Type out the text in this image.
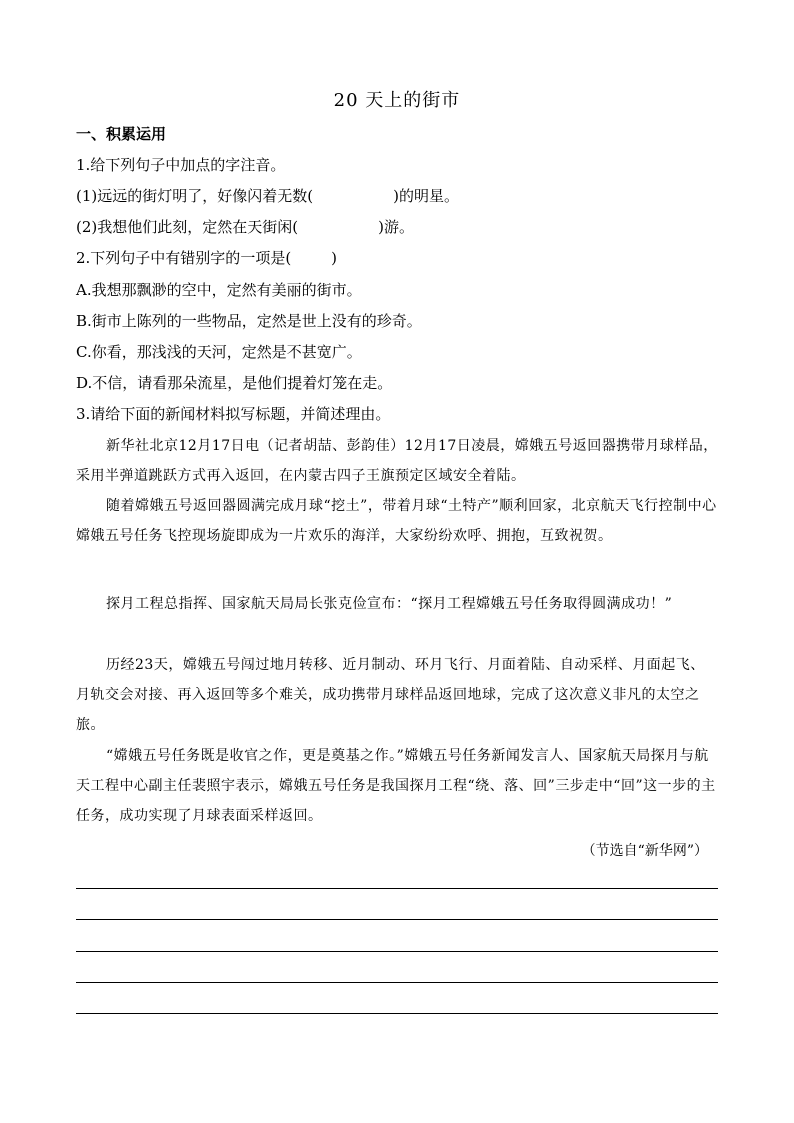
20 天上的街市
一、积累运用
1.给下列句子中加点的字注音。
(1)远远的街灯明了，好像闪着无数(	)的明星。
(2)我想他们此刻，定然在天街闲(	)游。
2.下列句子中有错别字的一项是(	)
A.我想那飘渺的空中，定然有美丽的街市。
B.街市上陈列的一些物品，定然是世上没有的珍奇。
C.你看，那浅浅的天河，定然是不甚宽广。
D.不信，请看那朵流星，是他们提着灯笼在走。
3.请给下面的新闻材料拟写标题，并简述理由。
新华社北京12月17日电（记者胡喆、彭韵佳）12月17日凌晨，嫦娥五号返回器携带月球样品，采用半弹道跳跃方式再入返回，在内蒙古四子王旗预定区域安全着陆。
随着嫦娥五号返回器圆满完成月球“挖土”，带着月球“土特产”顺利回家，北京航天飞行控制中心嫦娥五号任务飞控现场旋即成为一片欢乐的海洋，大家纷纷欢呼、拥抱，互致祝贺。
探月工程总指挥、国家航天局局长张克俭宣布：“探月工程嫦娥五号任务取得圆满成功！”
历经23天，嫦娥五号闯过地月转移、近月制动、环月飞行、月面着陆、自动采样、月面起飞、月轨交会对接、再入返回等多个难关，成功携带月球样品返回地球，完成了这次意义非凡的太空之旅。
“嫦娥五号任务既是收官之作，更是奠基之作。”嫦娥五号任务新闻发言人、国家航天局探月与航天工程中心副主任裴照宇表示，嫦娥五号任务是我国探月工程“绕、落、回”三步走中“回”这一步的主任务，成功实现了月球表面采样返回。
（节选自“新华网”）
